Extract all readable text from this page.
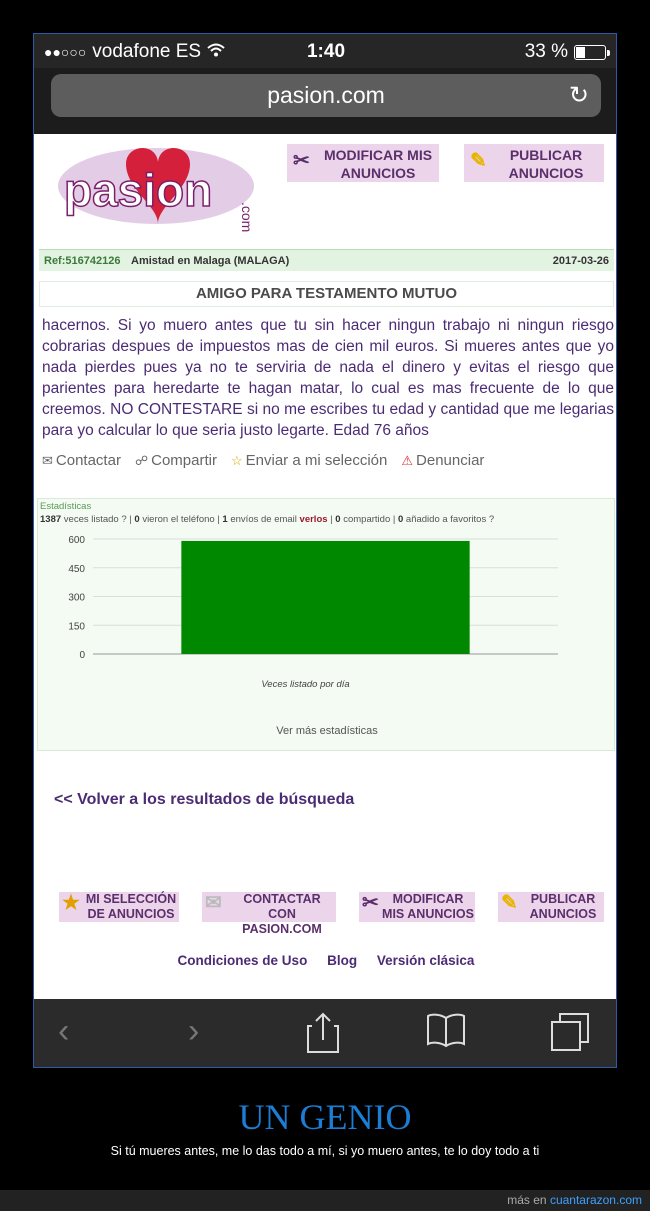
●●○○○ vodafone ES	1:40	33 %
pasion.com	↻
pasion
.com
✂	MODIFICAR MIS ANUNCIOS
✎	PUBLICAR ANUNCIOS
Ref:516742126 Amistad en Malaga (MALAGA)	2017-03-26
AMIGO PARA TESTAMENTO MUTUO
hacernos. Si yo muero antes que tu sin hacer ningun trabajo ni ningun riesgo cobrarias despues de impuestos mas de cien mil euros. Si mueres antes que yo nada pierdes pues ya no te serviria de nada el dinero y evitas el riesgo que parientes para heredarte te hagan matar, lo cual es mas frecuente de lo que creemos. NO CONTESTARE si no me escribes tu edad y cantidad que me legarias para yo calcular lo que seria justo legarte. Edad 76 años
✉ Contactar ☍ Compartir ☆ Enviar a mi selección ⚠ Denunciar
Estadísticas
1387 veces listado ? | 0 vieron el teléfono | 1 envíos de email verlos | 0 compartido | 0 añadido a favoritos ?
0
150
300
450
600
Veces listado por día
Ver más estadísticas
<< Volver a los resultados de búsqueda
★ MI SELECCIÓN DE ANUNCIOS ✉	CONTACTAR CON PASION.COM
✂	MODIFICAR MIS ANUNCIOS ✎	PUBLICAR ANUNCIOS
Condiciones de Uso Blog Versión clásica
‹	›
UN GENIO
Si tú mueres antes, me lo das todo a mí, si yo muero antes, te lo doy todo a ti
más en cuantarazon.com
